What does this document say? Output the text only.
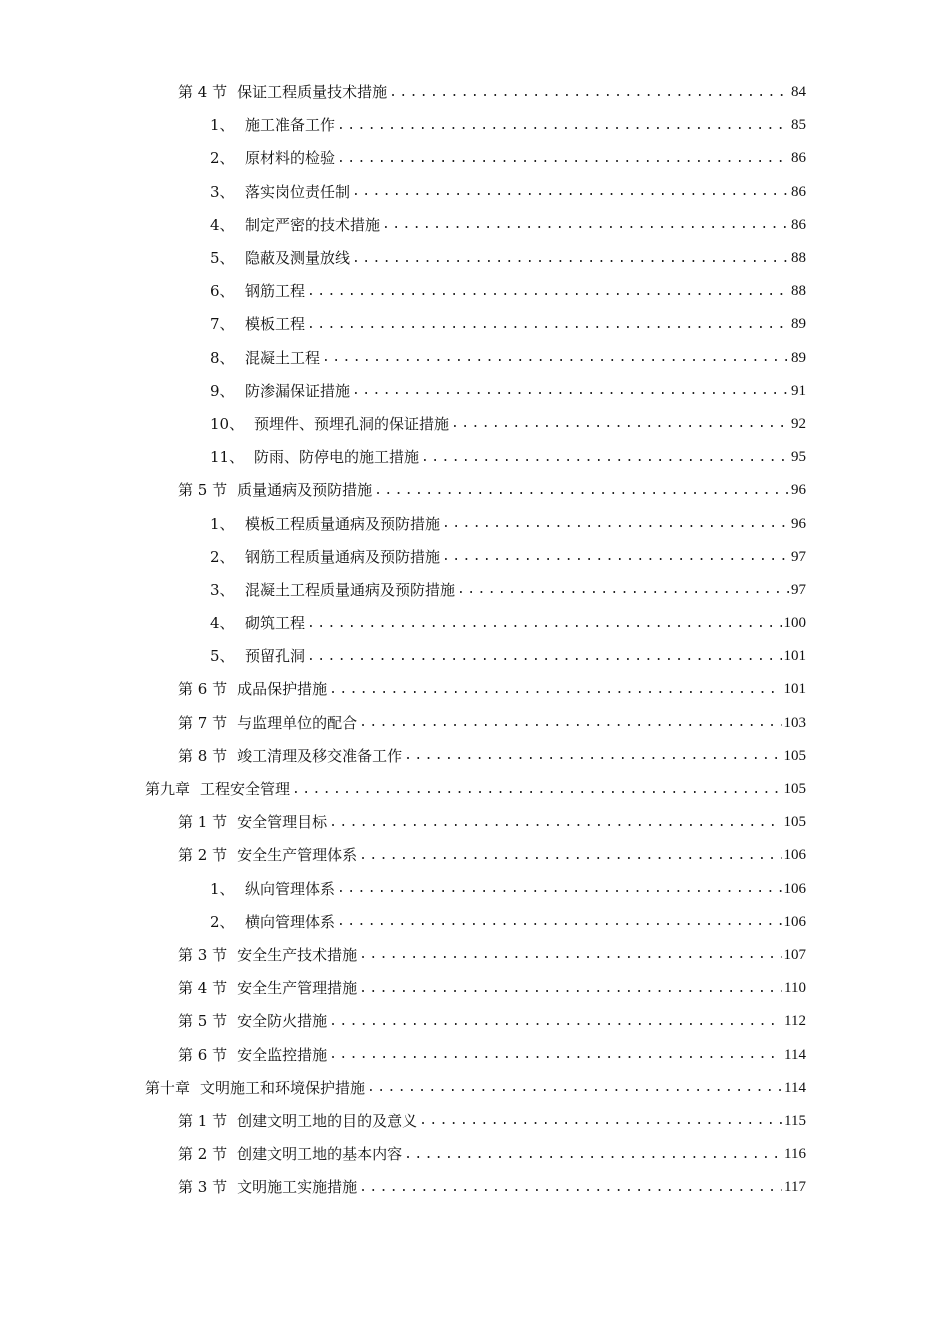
第 4 节 保证工程质量技术措施 .....	84
1、 施工准备工作 .....	85
2、 原材料的检验 .....	86
3、 落实岗位责任制 .....	86
4、 制定严密的技术措施 .....	86
5、 隐蔽及测量放线 .....	88
6、 钢筋工程 .....	88
7、 模板工程 .....	89
8、 混凝土工程 .....	89
9、 防渗漏保证措施 .....	91
10、 预埋件、预埋孔洞的保证措施 .....	92
11、 防雨、防停电的施工措施 .....	95
第 5 节 质量通病及预防措施 .....	96
1、 模板工程质量通病及预防措施 .....	96
2、 钢筋工程质量通病及预防措施 .....	97
3、 混凝土工程质量通病及预防措施 .....	97
4、 砌筑工程 .....	100
5、 预留孔洞 .....	101
第 6 节 成品保护措施 .....	101
第 7 节 与监理单位的配合 .....	103
第 8 节 竣工清理及移交准备工作 .....	105
第九章 工程安全管理 .....	105
第 1 节 安全管理目标 .....	105
第 2 节 安全生产管理体系 .....	106
1、 纵向管理体系 .....	106
2、 横向管理体系 .....	106
第 3 节 安全生产技术措施 .....	107
第 4 节 安全生产管理措施 .....	110
第 5 节 安全防火措施 .....	112
第 6 节 安全监控措施 .....	114
第十章 文明施工和环境保护措施 .....	114
第 1 节 创建文明工地的目的及意义 .....	115
第 2 节 创建文明工地的基本内容 .....	116
第 3 节 文明施工实施措施 .....	117
